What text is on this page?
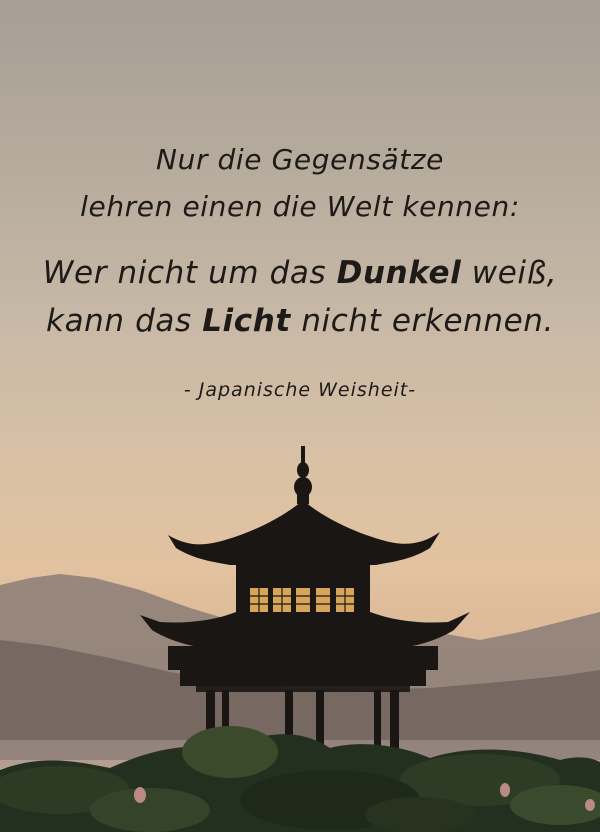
Nur die Gegensätze
lehren einen die Welt kennen:
Wer nicht um das Dunkel weiß,
kann das Licht nicht erkennen.
- Japanische Weisheit-
